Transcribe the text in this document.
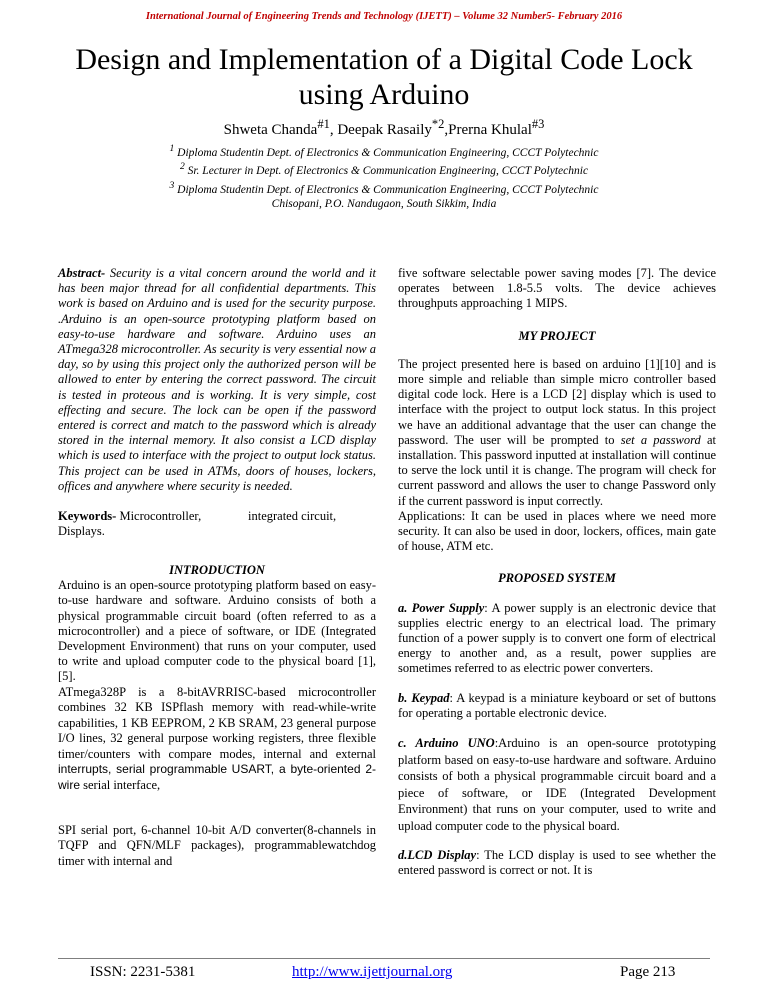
International Journal of Engineering Trends and Technology (IJETT) – Volume 32 Number5- February 2016
Design and Implementation of a Digital Code Lock using Arduino
Shweta Chanda$^{\#1}$, Deepak Rasaily$^{*2}$,Prerna Khulal$^{\#3}$
$^1$ Diploma Studentin Dept. of Electronics & Communication Engineering, CCCT Polytechnic
$^2$ Sr. Lecturer in Dept. of Electronics & Communication Engineering, CCCT Polytechnic
$^3$ Diploma Studentin Dept. of Electronics & Communication Engineering, CCCT Polytechnic
Chisopani, P.O. Nandugaon, South Sikkim, India

Abstract- Security is a vital concern around the world and it has been major thread for all confidential departments. This work is based on Arduino and is used for the security purpose. .Arduino is an open-source prototyping platform based on easy-to-use hardware and software. Arduino uses an ATmega328 microcontroller. As security is very essential now a day, so by using this project only the authorized person will be allowed to enter by entering the correct password. The circuit is tested in proteous and is working. It is very simple, cost effecting and secure. The lock can be open if the password entered is correct and match to the password which is already stored in the internal memory. It also consist a LCD display which is used to interface with the project to output lock status. This project can be used in ATMs, doors of houses, lockers, offices and anywhere where security is needed.

Keywords- Microcontroller,	integrated circuit,
Displays.

INTRODUCTION

Arduino is an open-source prototyping platform based on easy-to-use hardware and software. Arduino consists of both a physical programmable circuit board (often referred to as a microcontroller) and a piece of software, or IDE (Integrated Development Environment) that runs on your computer, used to write and upload computer code to the physical board [1],[5].

ATmega328P is a 8-bitAVRRISC-based microcontroller combines 32 KB ISPflash memory with read-while-write capabilities, 1 KB EEPROM, 2 KB SRAM, 23 general purpose I/O lines, 32 general purpose working registers, three flexible timer/counters with compare modes, internal and external interrupts, serial programmable USART, a byte-oriented 2-wire serial interface,

SPI serial port, 6-channel 10-bit A/D converter(8-channels in TQFP and QFN/MLF packages), programmablewatchdog timer with internal and

five software selectable power saving modes [7]. The device operates between 1.8-5.5 volts. The device achieves throughputs approaching 1 MIPS.

MY PROJECT

The project presented here is based on arduino [1][10] and is more simple and reliable than simple micro controller based digital code lock. Here is a LCD [2] display which is used to interface with the project to output lock status. In this project we have an additional advantage that the user can change the password. The user will be prompted to set a password at installation. This password inputted at installation will continue to serve the lock until it is change. The program will check for current password and allows the user to change Password only if the current password is input correctly.

Applications: It can be used in places where we need more security. It can also be used in door, lockers, offices, main gate of house, ATM etc.

PROPOSED SYSTEM

a. Power Supply: A power supply is an electronic device that supplies electric energy to an electrical load. The primary function of a power supply is to convert one form of electrical energy to another and, as a result, power supplies are sometimes referred to as electric power converters.

b. Keypad: A keypad is a miniature keyboard or set of buttons for operating a portable electronic device.

c. Arduino UNO:Arduino is an open-source prototyping platform based on easy-to-use hardware and software. Arduino consists of both a physical programmable circuit board and a piece of software, or IDE (Integrated Development Environment) that runs on your computer, used to write and upload computer code to the physical board.

d.LCD Display: The LCD display is used to see whether the entered password is correct or not. It is

ISSN: 2231-5381	http://www.ijettjournal.org	Page 213
